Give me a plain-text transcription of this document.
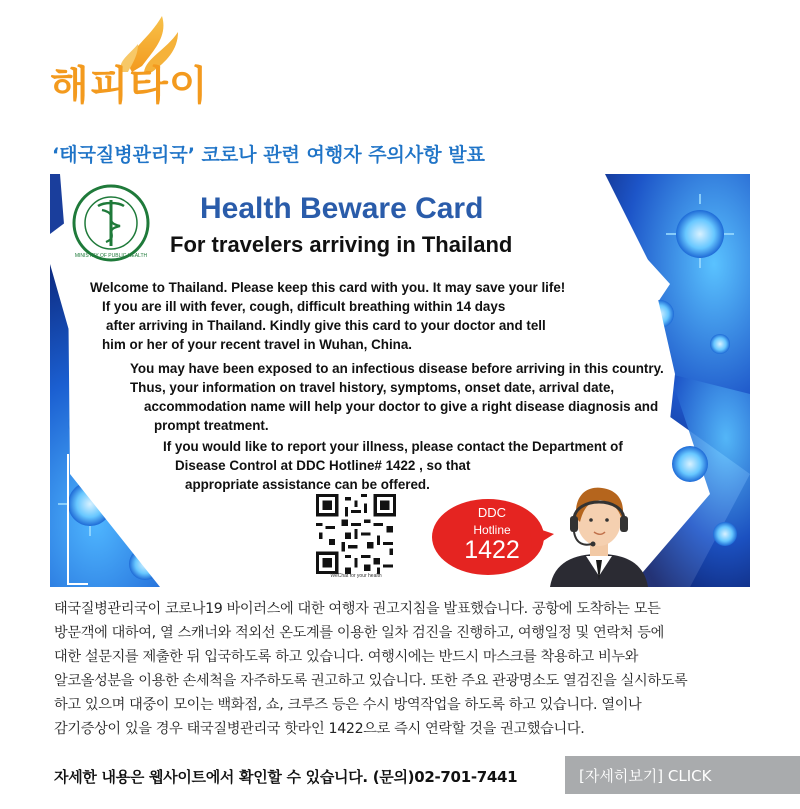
해피타이
‘태국질병관리국’ 코로나 관련 여행자 주의사항 발표
MINISTRY OF PUBLIC HEALTH
Health Beware Card
For travelers arriving in Thailand

Welcome to Thailand. Please keep this card with you. It may save your life!
If you are ill with fever, cough, difficult breathing within 14 days
after arriving in Thailand. Kindly give this card to your doctor and tell
him or her of your recent travel in Wuhan, China.

You may have been exposed to an infectious disease before arriving in this country.
Thus, your information on travel history, symptoms, onset date, arrival date,
accommodation name will help your doctor to give a right disease diagnosis and
prompt treatment.

If you would like to report your illness, please contact the Department of
Disease Control at DDC Hotline# 1422 , so that
appropriate assistance can be offered.

WeChat for your health
DDC
Hotline
1422

태국질병관리국이 코로나19 바이러스에 대한 여행자 권고지침을 발표했습니다. 공항에 도착하는 모든
방문객에 대하여, 열 스캐너와 적외선 온도계를 이용한 일차 검진을 진행하고, 여행일정 및 연락처 등에
대한 설문지를 제출한 뒤 입국하도록 하고 있습니다. 여행시에는 반드시 마스크를 착용하고 비누와
알코올성분을 이용한 손세척을 자주하도록 권고하고 있습니다. 또한 주요 관광명소도 열검진을 실시하도록
하고 있으며 대중이 모이는 백화점, 쇼, 크루즈 등은 수시 방역작업을 하도록 하고 있습니다. 열이나
감기증상이 있을 경우 태국질병관리국 핫라인 1422으로 즉시 연락할 것을 권고했습니다.

자세한 내용은 웹사이트에서 확인할 수 있습니다. (문의)02-701-7441	[자세히보기] CLICK
